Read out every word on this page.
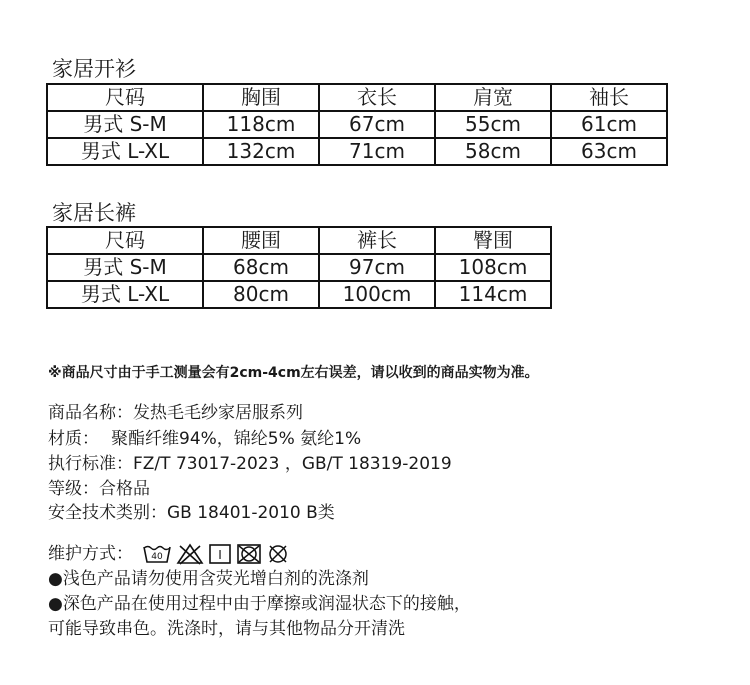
家居开衫
尺码	胸围	衣长	肩宽	袖长
男式 S-M	118cm	67cm	55cm	61cm
男式 L-XL	132cm	71cm	58cm	63cm
家居长裤
尺码	腰围	裤长	臀围	
男式 S-M	68cm	97cm	108cm	
男式 L-XL	80cm	100cm	114cm	
※商品尺寸由于手工测量会有2cm-4cm左右误差，请以收到的商品实物为准。
商品名称：发热毛毛纱家居服系列
材质： 聚酯纤维94%，锦纶5% 氨纶1%
执行标准：FZ/T 73017-2023 ，GB/T 18319-2019
等级：合格品
安全技术类别：GB 18401-2010 B类
维护方式： 40	I
●浅色产品请勿使用含荧光增白剂的洗涤剂
●深色产品在使用过程中由于摩擦或润湿状态下的接触，
可能导致串色。洗涤时，请与其他物品分开清洗
